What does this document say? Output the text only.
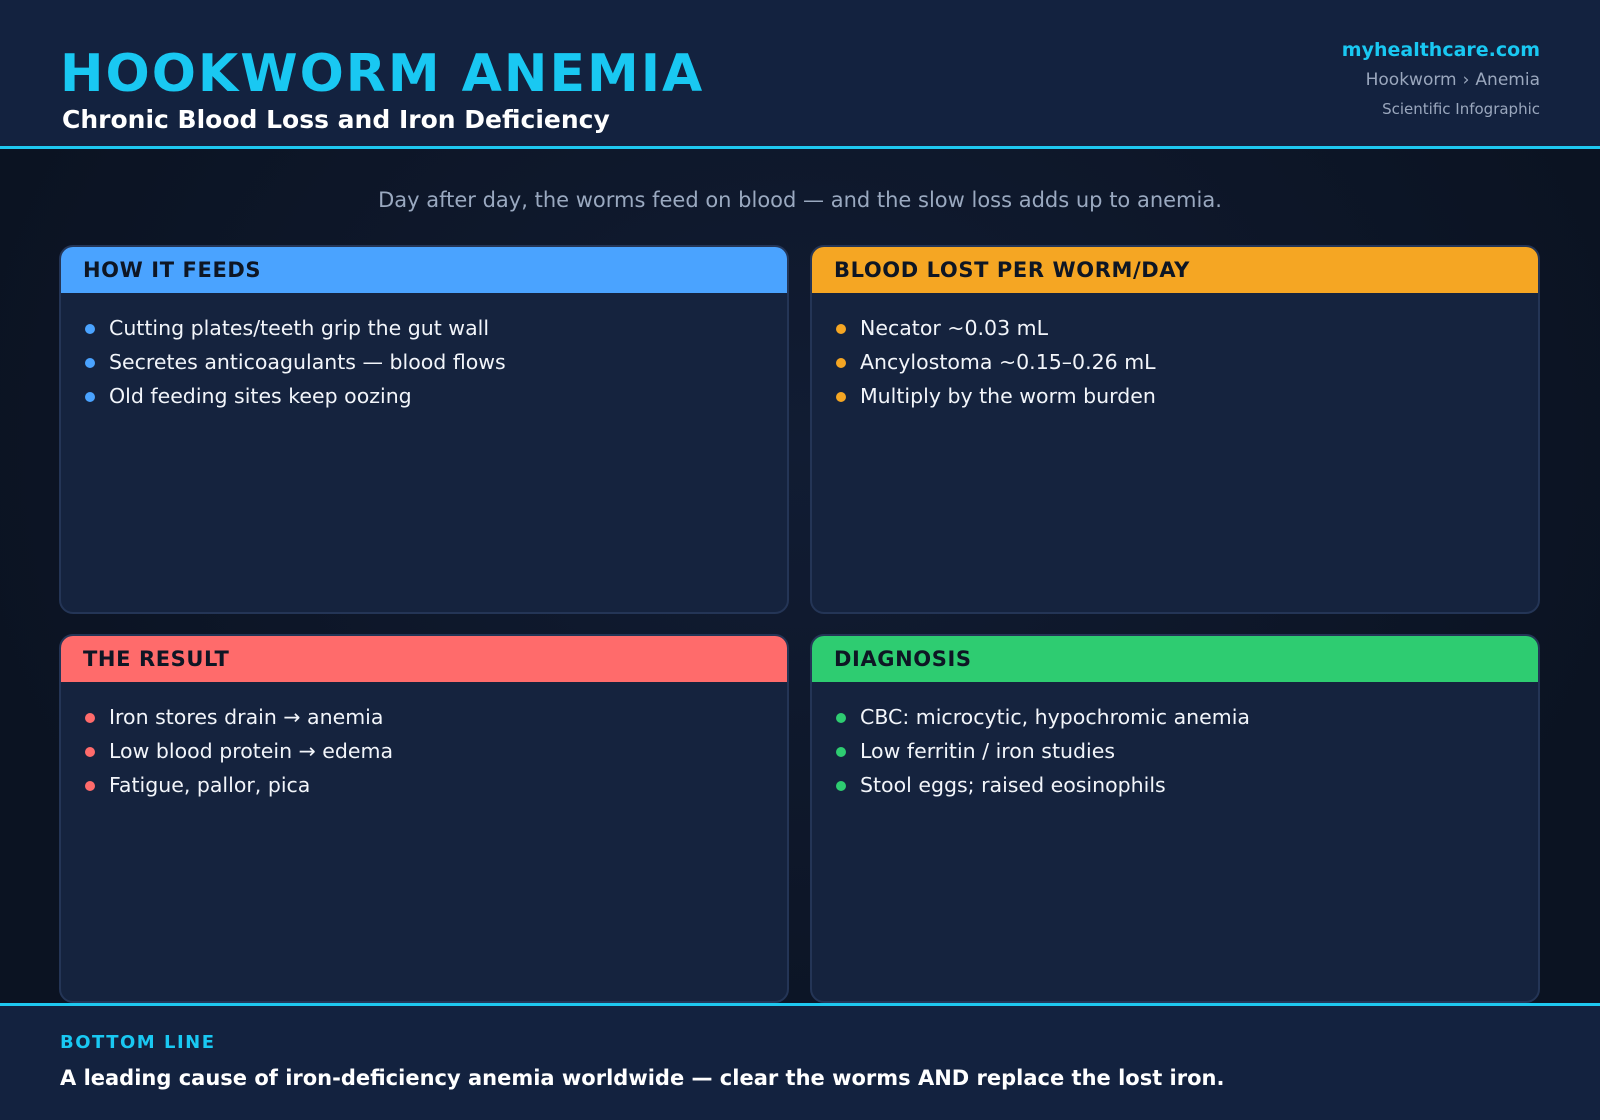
HOOKWORM ANEMIA
Chronic Blood Loss and Iron Deficiency
myhealthcare.com
Hookworm › Anemia
Scientific Infographic
Day after day, the worms feed on blood — and the slow loss adds up to anemia.
HOW IT FEEDS
Cutting plates/teeth grip the gut wall
Secretes anticoagulants — blood flows
Old feeding sites keep oozing
BLOOD LOST PER WORM/DAY
Necator ~0.03 mL
Ancylostoma ~0.15–0.26 mL
Multiply by the worm burden
THE RESULT
Iron stores drain → anemia
Low blood protein → edema
Fatigue, pallor, pica
DIAGNOSIS
CBC: microcytic, hypochromic anemia
Low ferritin / iron studies
Stool eggs; raised eosinophils
BOTTOM LINE
A leading cause of iron-deficiency anemia worldwide — clear the worms AND replace the lost iron.
